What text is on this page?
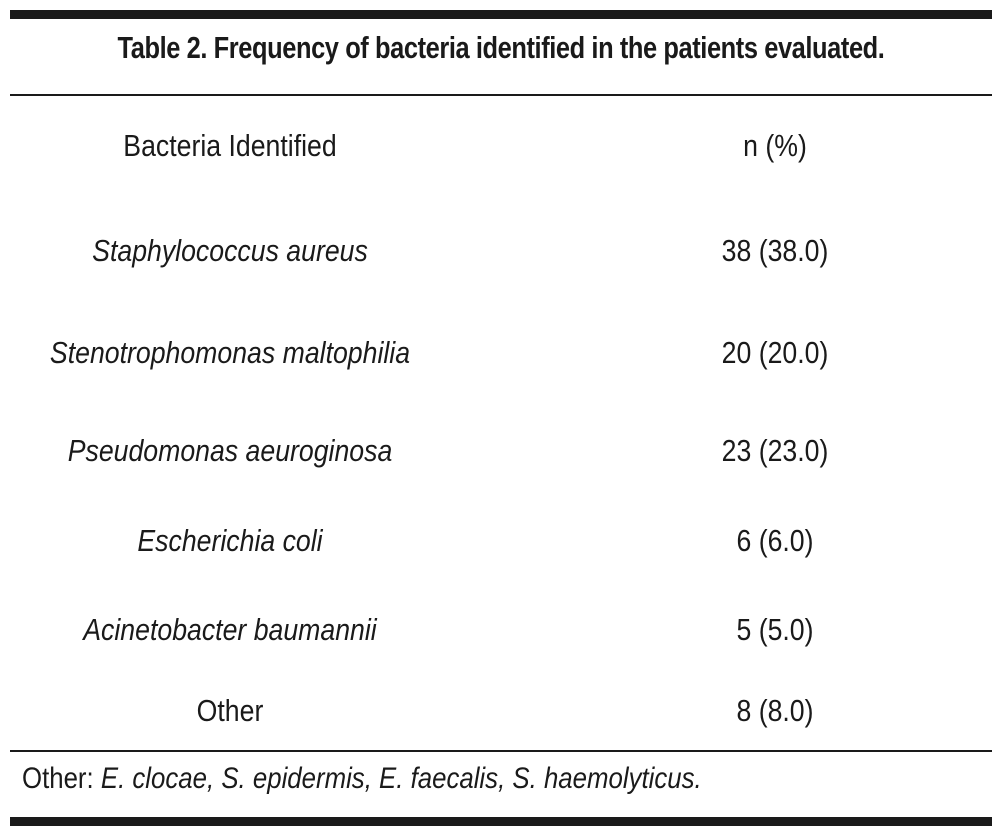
Table 2. Frequency of bacteria identified in the patients evaluated.
Bacteria Identified	n (%)
Staphylococcus aureus	38 (38.0)
Stenotrophomonas maltophilia	20 (20.0)
Pseudomonas aeuroginosa	23 (23.0)
Escherichia coli	6 (6.0)
Acinetobacter baumannii	5 (5.0)
Other	8 (8.0)
Other: E. clocae, S. epidermis, E. faecalis, S. haemolyticus.
